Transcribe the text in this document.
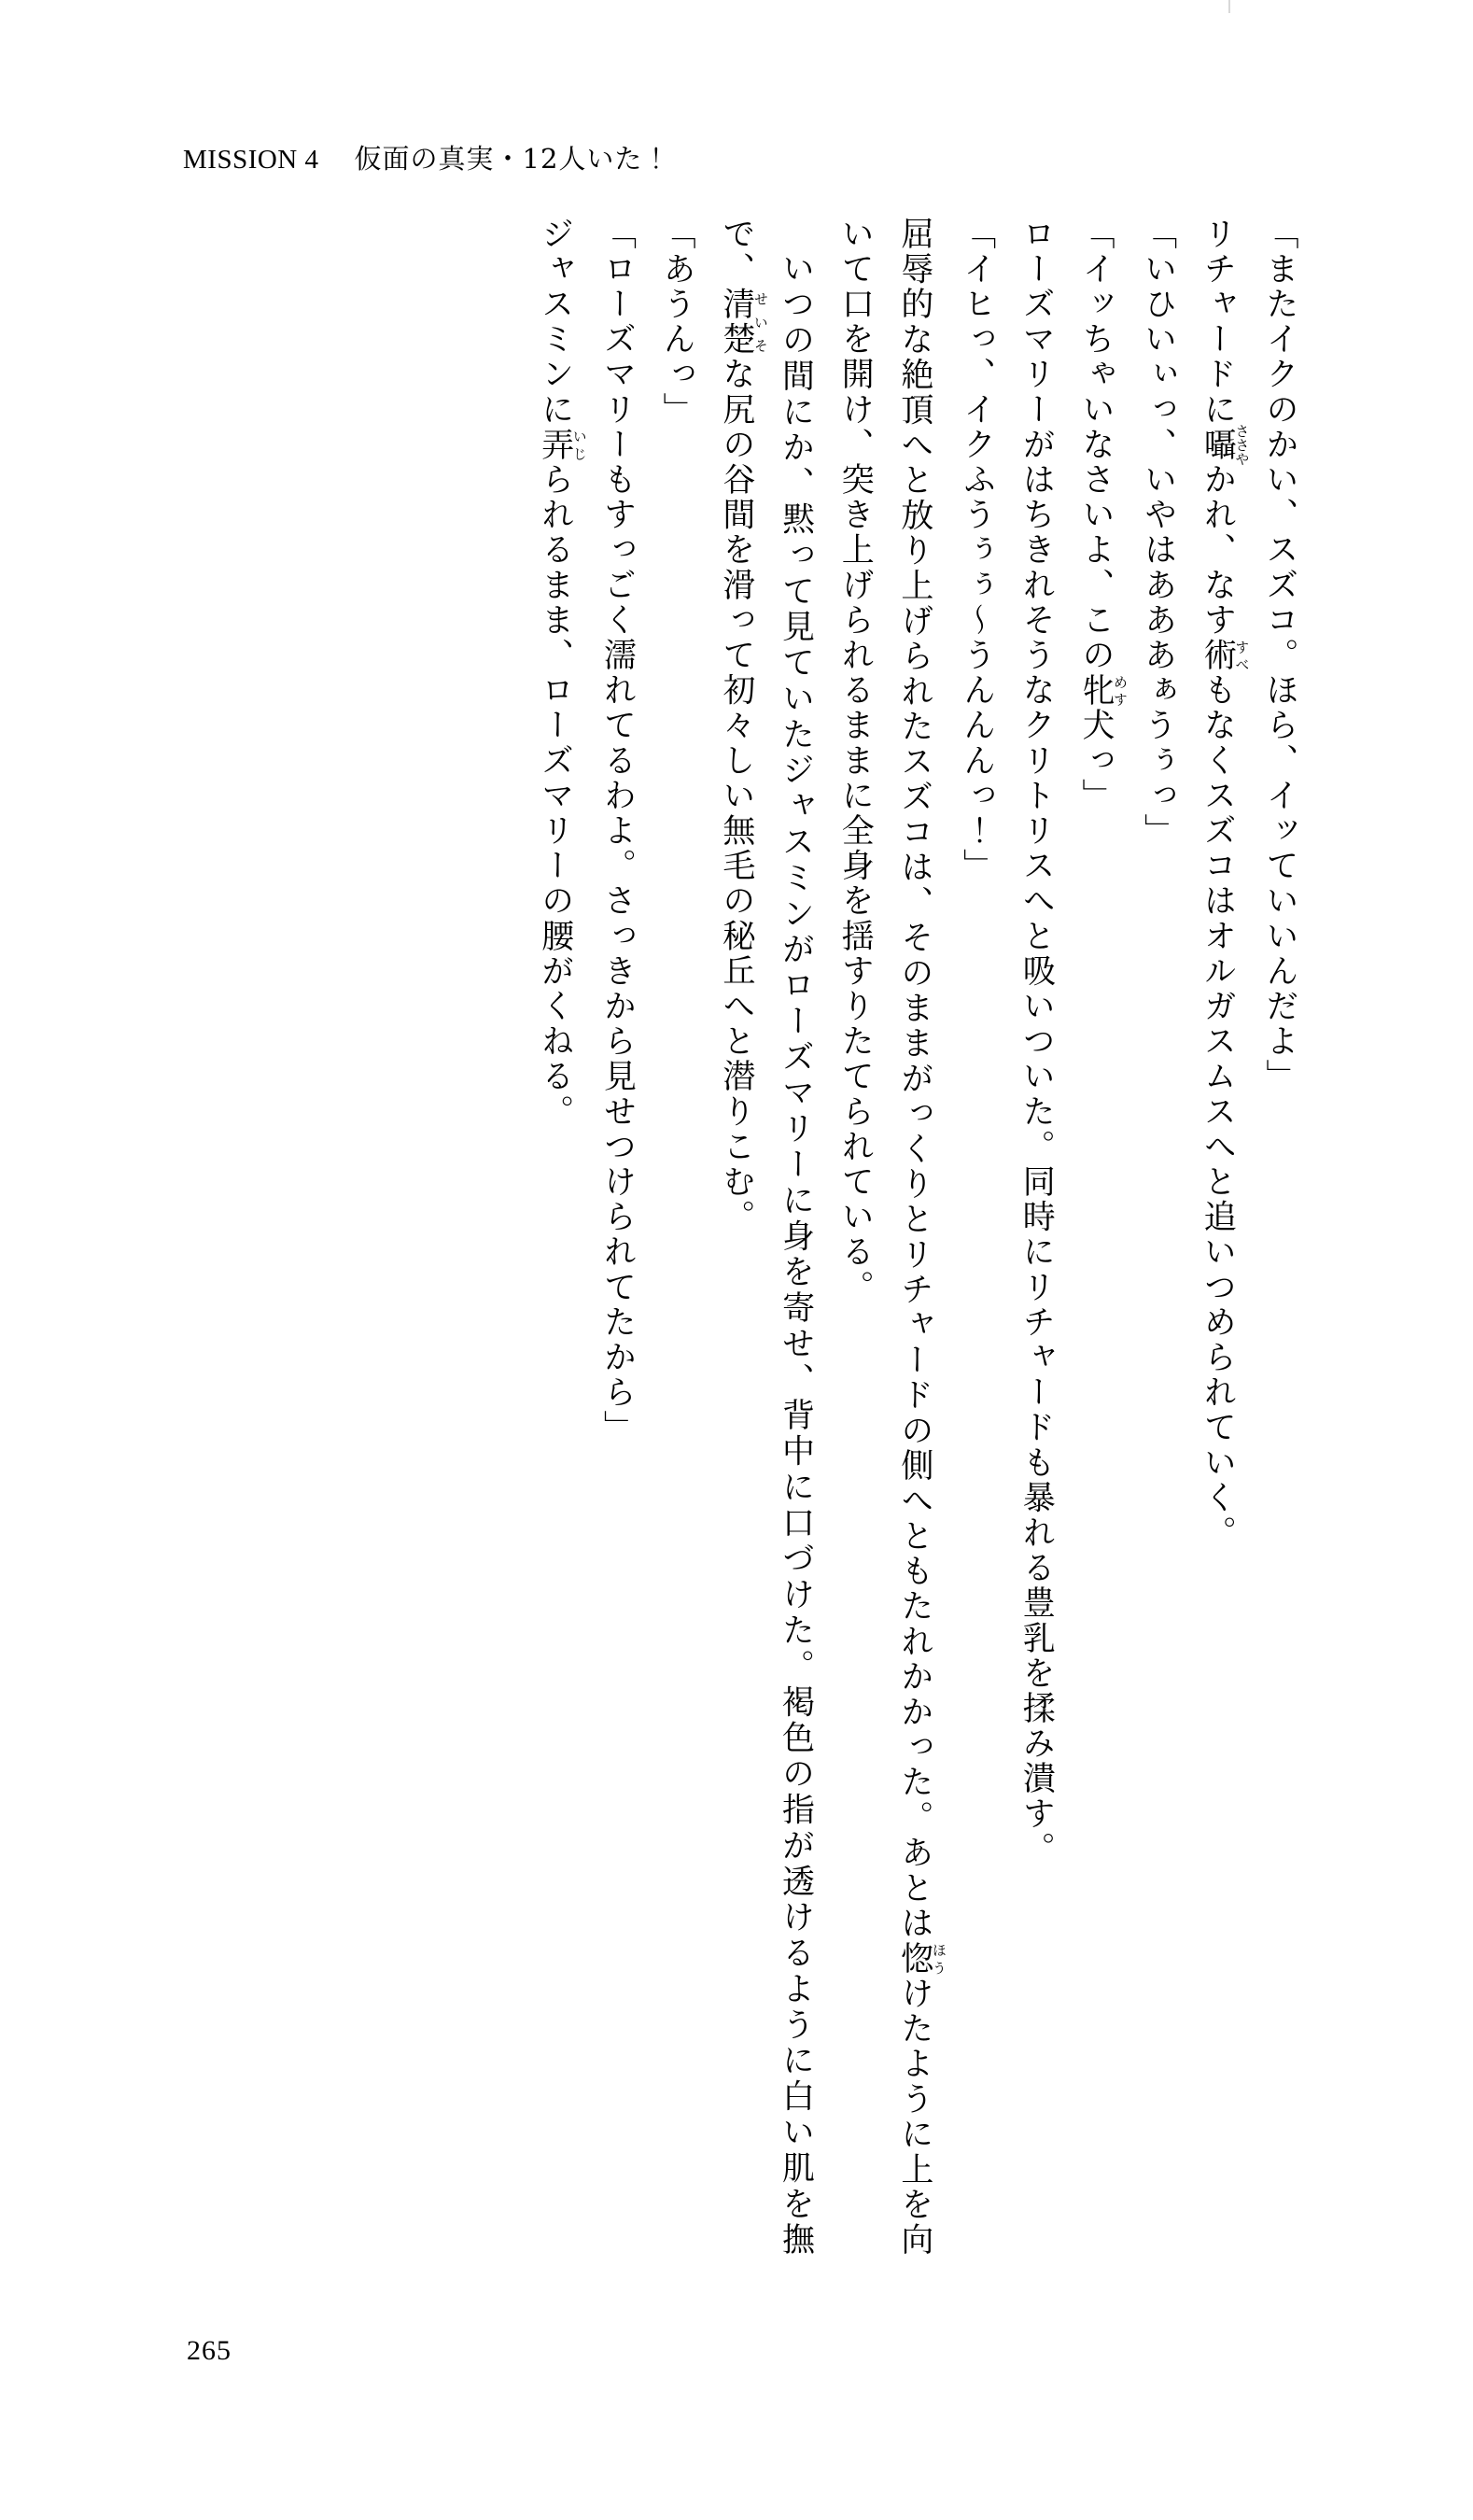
MISSION 4 仮面の真実・12人いた！

「またイクのかい、スズコ。ほら、イッていいんだよ」

リチャードに囁ささやかれ、なす術すべもなくスズコはオルガスムスへと追いつめられていく。

「いひいぃっ、いやはあああぁうぅっ」

「イッちゃいなさいよ、この牝めす犬っ」

ローズマリーがはちきれそうなクリトリスへと吸いついた。同時にリチャードも暴れる豊乳を揉み潰す。

「イヒっ、イクふうぅぅ～うんんんっ！」

屈辱的な絶頂へと放り上げられたスズコは、そのままがっくりとリチャードの側へともたれかかった。あとは惚ほうけたように上を向いて口を開け、突き上げられるままに全身を揺すりたてられている。

いつの間にか、黙って見ていたジャスミンがローズマリーに身を寄せ、背中に口づけた。褐色の指が透けるように白い肌を撫で、清楚せいそな尻の谷間を滑って初々しい無毛の秘丘へと潜りこむ。

「あうんっ」

「ローズマリーもすっごく濡れてるわよ。さっきから見せつけられてたから」

ジャスミンに弄いじられるまま、ローズマリーの腰がくねる。

265
